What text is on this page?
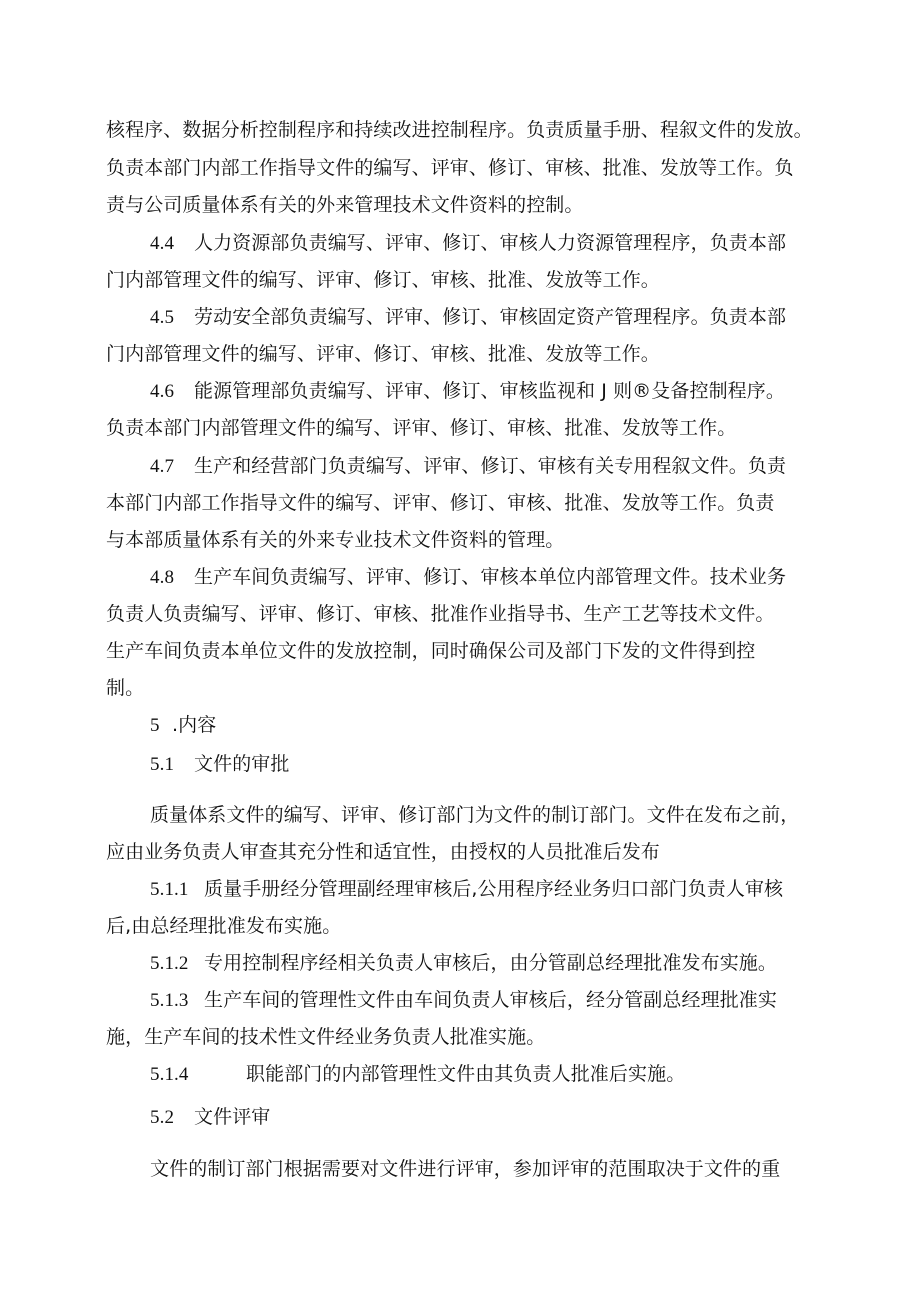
核程序、数据分析控制程序和持续改进控制程序。负责质量手册、程叙文件的发放。
负责本部门内部工作指导文件的编写、评审、修订、审核、批准、发放等工作。负
责与公司质量体系有关的外来管理技术文件资料的控制。
4.4 人力资源部负责编写、评审、修订、审核人力资源管理程序，负责本部
门内部管理文件的编写、评审、修订、审核、批准、发放等工作。
4.5 劳动安全部负责编写、评审、修订、审核固定资产管理程序。负责本部
门内部管理文件的编写、评审、修订、审核、批准、发放等工作。
4.6 能源管理部负责编写、评审、修订、审核监视和 J 则®殳备控制程序。
负责本部门内部管理文件的编写、评审、修订、审核、批准、发放等工作。
4.7 生产和经营部门负责编写、评审、修订、审核有关专用程叙文件。负责
本部门内部工作指导文件的编写、评审、修订、审核、批准、发放等工作。负责
与本部质量体系有关的外来专业技术文件资料的管理。
4.8 生产车间负责编写、评审、修订、审核本单位内部管理文件。技术业务
负责人负责编写、评审、修订、审核、批准作业指导书、生产工艺等技术文件。
生产车间负责本单位文件的发放控制，同时确保公司及部门下发的文件得到控
制。
5 .内容
5.1 文件的审批
质量体系文件的编写、评审、修订部门为文件的制订部门。文件在发布之前，
应由业务负责人审查其充分性和适宜性，由授权的人员批准后发布
5.1.1 质量手册经分管理副经理审核后,公用程序经业务归口部门负责人审核
后,由总经理批准发布实施。
5.1.2 专用控制程序经相关负责人审核后，由分管副总经理批准发布实施。
5.1.3 生产车间的管理性文件由车间负责人审核后，经分管副总经理批准实
施，生产车间的技术性文件经业务负责人批准实施。
5.1.4	职能部门的内部管理性文件由其负责人批准后实施。
5.2 文件评审
文件的制订部门根据需要对文件进行评审，参加评审的范围取决于文件的重
